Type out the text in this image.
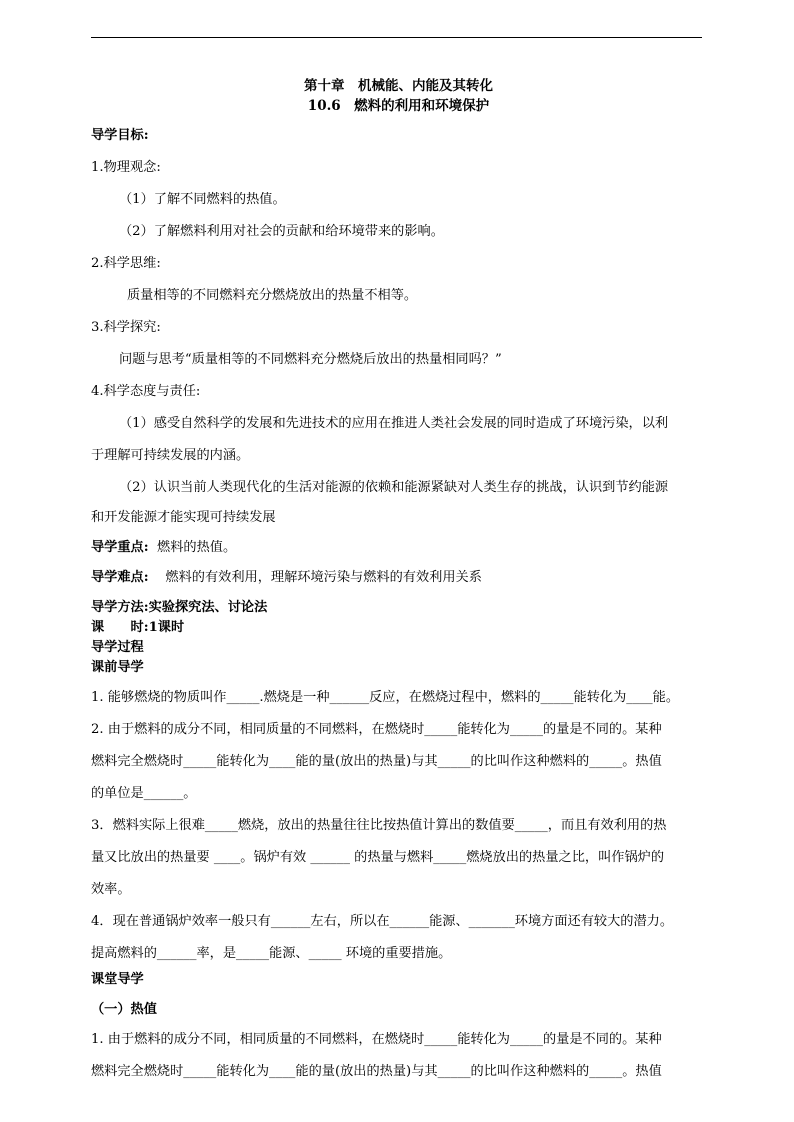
第十章　机械能、内能及其转化
10.6　燃料的利用和环境保护
导学目标:
1.物理观念:
（1）了解不同燃料的热值。
（2）了解燃料利用对社会的贡献和给环境带来的影响。
2.科学思维:
质量相等的不同燃料充分燃烧放出的热量不相等。
3.科学探究:
问题与思考“质量相等的不同燃料充分燃烧后放出的热量相同吗？”
4.科学态度与责任:
（1）感受自然科学的发展和先进技术的应用在推进人类社会发展的同时造成了环境污染，以利
于理解可持续发展的内涵。
（2）认识当前人类现代化的生活对能源的依赖和能源紧缺对人类生存的挑战，认识到节约能源
和开发能源才能实现可持续发展
导学重点: 燃料的热值。
导学难点: 燃料的有效利用，理解环境污染与燃料的有效利用关系
导学方法:实验探究法、讨论法
课　　时:1课时
导学过程
课前导学

1. 能够燃烧的物质叫作_____.燃烧是一种______反应，在燃烧过程中，燃料的_____能转化为____能。

2. 由于燃料的成分不同，相同质量的不同燃料，在燃烧时_____能转化为_____的量是不同的。某种

燃料完全燃烧时_____能转化为____能的量(放出的热量)与其_____的比叫作这种燃料的_____。热值

的单位是______。

3．燃料实际上很难_____燃烧，放出的热量往往比按热值计算出的数值要_____，而且有效利用的热

量又比放出的热量要 ____。锅炉有效 ______ 的热量与燃料_____燃烧放出的热量之比，叫作锅炉的

效率。

4．现在普通锅炉效率一般只有______左右，所以在______能源、_______环境方面还有较大的潜力。

提高燃料的______率，是_____能源、_____ 环境的重要措施。

课堂导学
（一）热值

1. 由于燃料的成分不同，相同质量的不同燃料，在燃烧时_____能转化为_____的量是不同的。某种

燃料完全燃烧时_____能转化为____能的量(放出的热量)与其_____的比叫作这种燃料的_____。热值
